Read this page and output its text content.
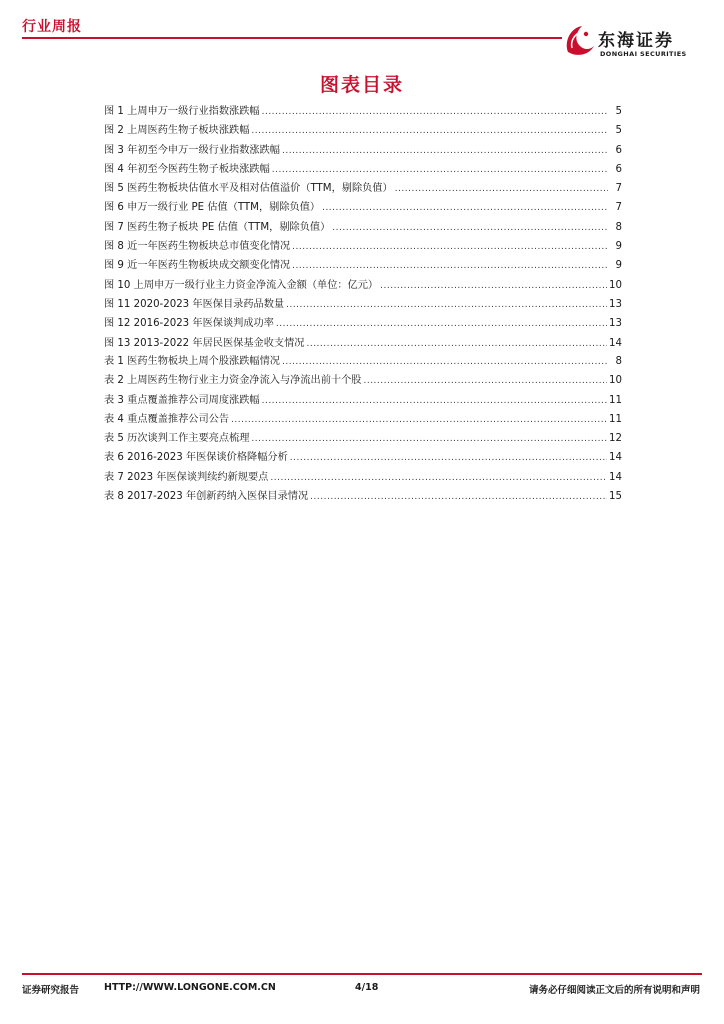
行业周报
东海证券
DONGHAI SECURITIES
图表目录
图 1 上周申万一级行业指数涨跌幅 .....	5
图 2 上周医药生物子板块涨跌幅 .....	5
图 3 年初至今申万一级行业指数涨跌幅 .....	6
图 4 年初至今医药生物子板块涨跌幅 .....	6
图 5 医药生物板块估值水平及相对估值溢价（TTM，剔除负值） .....	7
图 6 申万一级行业 PE 估值（TTM，剔除负值） .....	7
图 7 医药生物子板块 PE 估值（TTM，剔除负值） .....	8
图 8 近一年医药生物板块总市值变化情况 .....	9
图 9 近一年医药生物板块成交额变化情况 .....	9
图 10 上周申万一级行业主力资金净流入金额（单位：亿元） .....	10
图 11 2020-2023 年医保目录药品数量 .....	13
图 12 2016-2023 年医保谈判成功率 .....	13
图 13 2013-2022 年居民医保基金收支情况 .....	14
表 1 医药生物板块上周个股涨跌幅情况 .....	8
表 2 上周医药生物行业主力资金净流入与净流出前十个股 .....	10
表 3 重点覆盖推荐公司周度涨跌幅 .....	11
表 4 重点覆盖推荐公司公告 .....	11
表 5 历次谈判工作主要亮点梳理 .....	12
表 6 2016-2023 年医保谈价格降幅分析 .....	14
表 7 2023 年医保谈判续约新规要点 .....	14
表 8 2017-2023 年创新药纳入医保目录情况 .....	15
证券研究报告	HTTP://WWW.LONGONE.COM.CN	4/18	请务必仔细阅读正文后的所有说明和声明
